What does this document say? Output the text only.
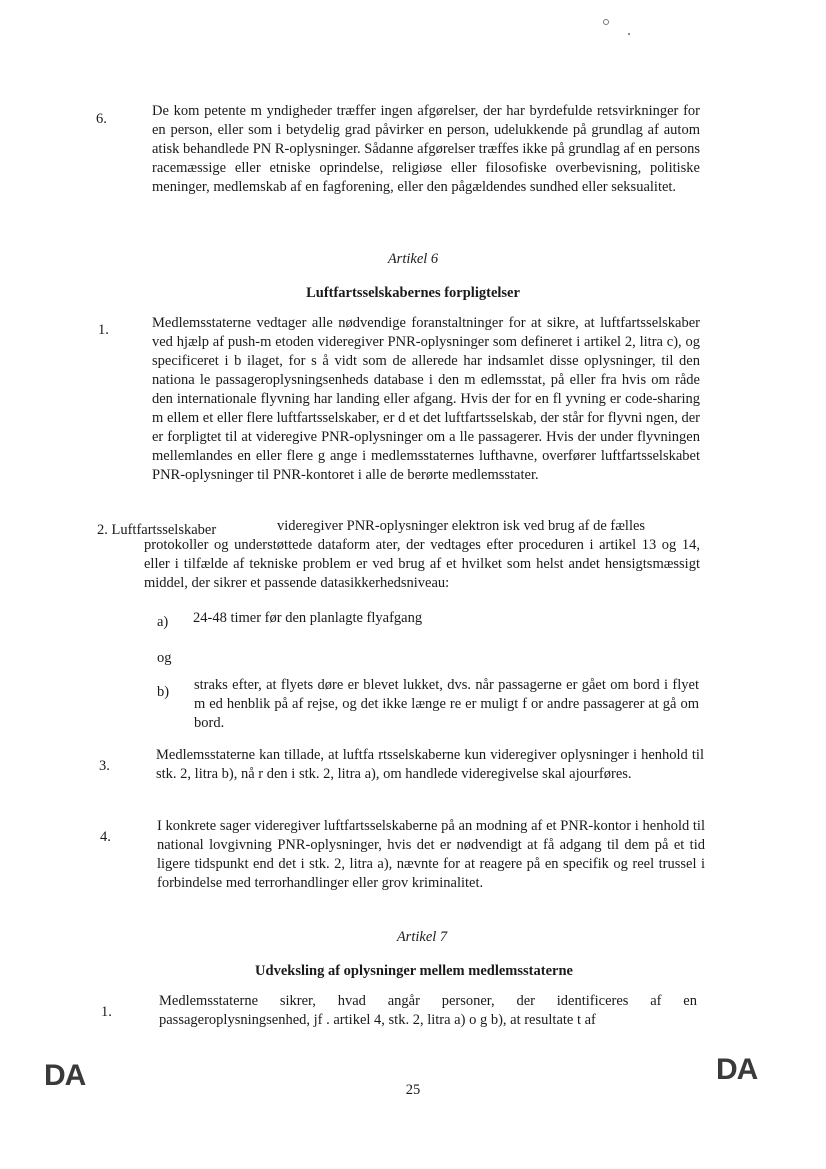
6.	De kom petente m yndigheder træffer ingen afgørelser, der har byrdefulde retsvirkninger for en person, eller som i betydelig grad påvirker en person, udelukkende på grundlag af autom atisk behandlede PN R-oplysninger. Sådanne afgørelser træffes ikke på grundlag af en persons racemæssige eller etniske oprindelse, religiøse eller filosofiske overbevisning, politiske meninger, medlemskab af en fagforening, eller den pågældendes sundhed eller seksualitet.
Artikel 6
Luftfartsselskabernes forpligtelser
1.	Medlemsstaterne vedtager alle nødvendige foranstaltninger for at sikre, at luftfartsselskaber ved hjælp af push-m etoden videregiver PNR-oplysninger som defineret i artikel 2, litra c), og specificeret i b ilaget, for s å vidt som de allerede har indsamlet disse oplysninger, til den nationa le passageroplysningsenheds database i den m edlemsstat, på eller fra hvis om råde den internationale flyvning har landing eller afgang. Hvis der for en fl yvning er code-sharing m ellem et eller flere luftfartsselskaber, er d et det luftfartsselskab, der står for flyvni ngen, der er forpligtet til at videregive PNR-oplysninger om a lle passagerer. Hvis der under flyvningen mellemlandes en eller flere g ange i medlemsstaternes lufthavne, overfører luftfartsselskabet PNR-oplysninger til PNR-kontoret i alle de berørte medlemsstater.
2. Luftfartsselskaber	videregiver PNR-oplysninger elektron isk ved brug af de fælles
protokoller og understøttede dataform ater, der vedtages efter proceduren i artikel 13 og 14, eller i tilfælde af tekniske problem er ved brug af et hvilket som helst andet hensigtsmæssigt middel, der sikrer et passende datasikkerhedsniveau:
a) 24-48 timer før den planlagte flyafgang
og
b) straks efter, at flyets døre er blevet lukket, dvs. når passagerne er gået om bord i flyet m ed henblik på af rejse, og det ikke længe re er muligt f or andre passagerer at gå om bord.
3.
Medlemsstaterne kan tillade, at luftfa rtsselskaberne kun videregiver oplysninger i henhold til stk. 2, litra b), nå r den i stk. 2, litra a), om handlede videregivelse skal ajourføres.
4.
I konkrete sager videregiver luftfartsselskaberne på an modning af et PNR-kontor i henhold til national lovgivning PNR-oplysninger, hvis det er nødvendigt at få adgang til dem på et tid ligere tidspunkt end det i stk. 2, litra a), nævnte for at reagere på en specifik og reel trussel i forbindelse med terrorhandlinger eller grov kriminalitet.
Artikel 7
Udveksling af oplysninger mellem medlemsstaterne
1.
Medlemsstaterne sikrer, hvad angår personer, der identificeres af en passageroplysningsenhed, jf . artikel 4, stk. 2, litra a) o g b), at resultate t af
DA	25
DA
